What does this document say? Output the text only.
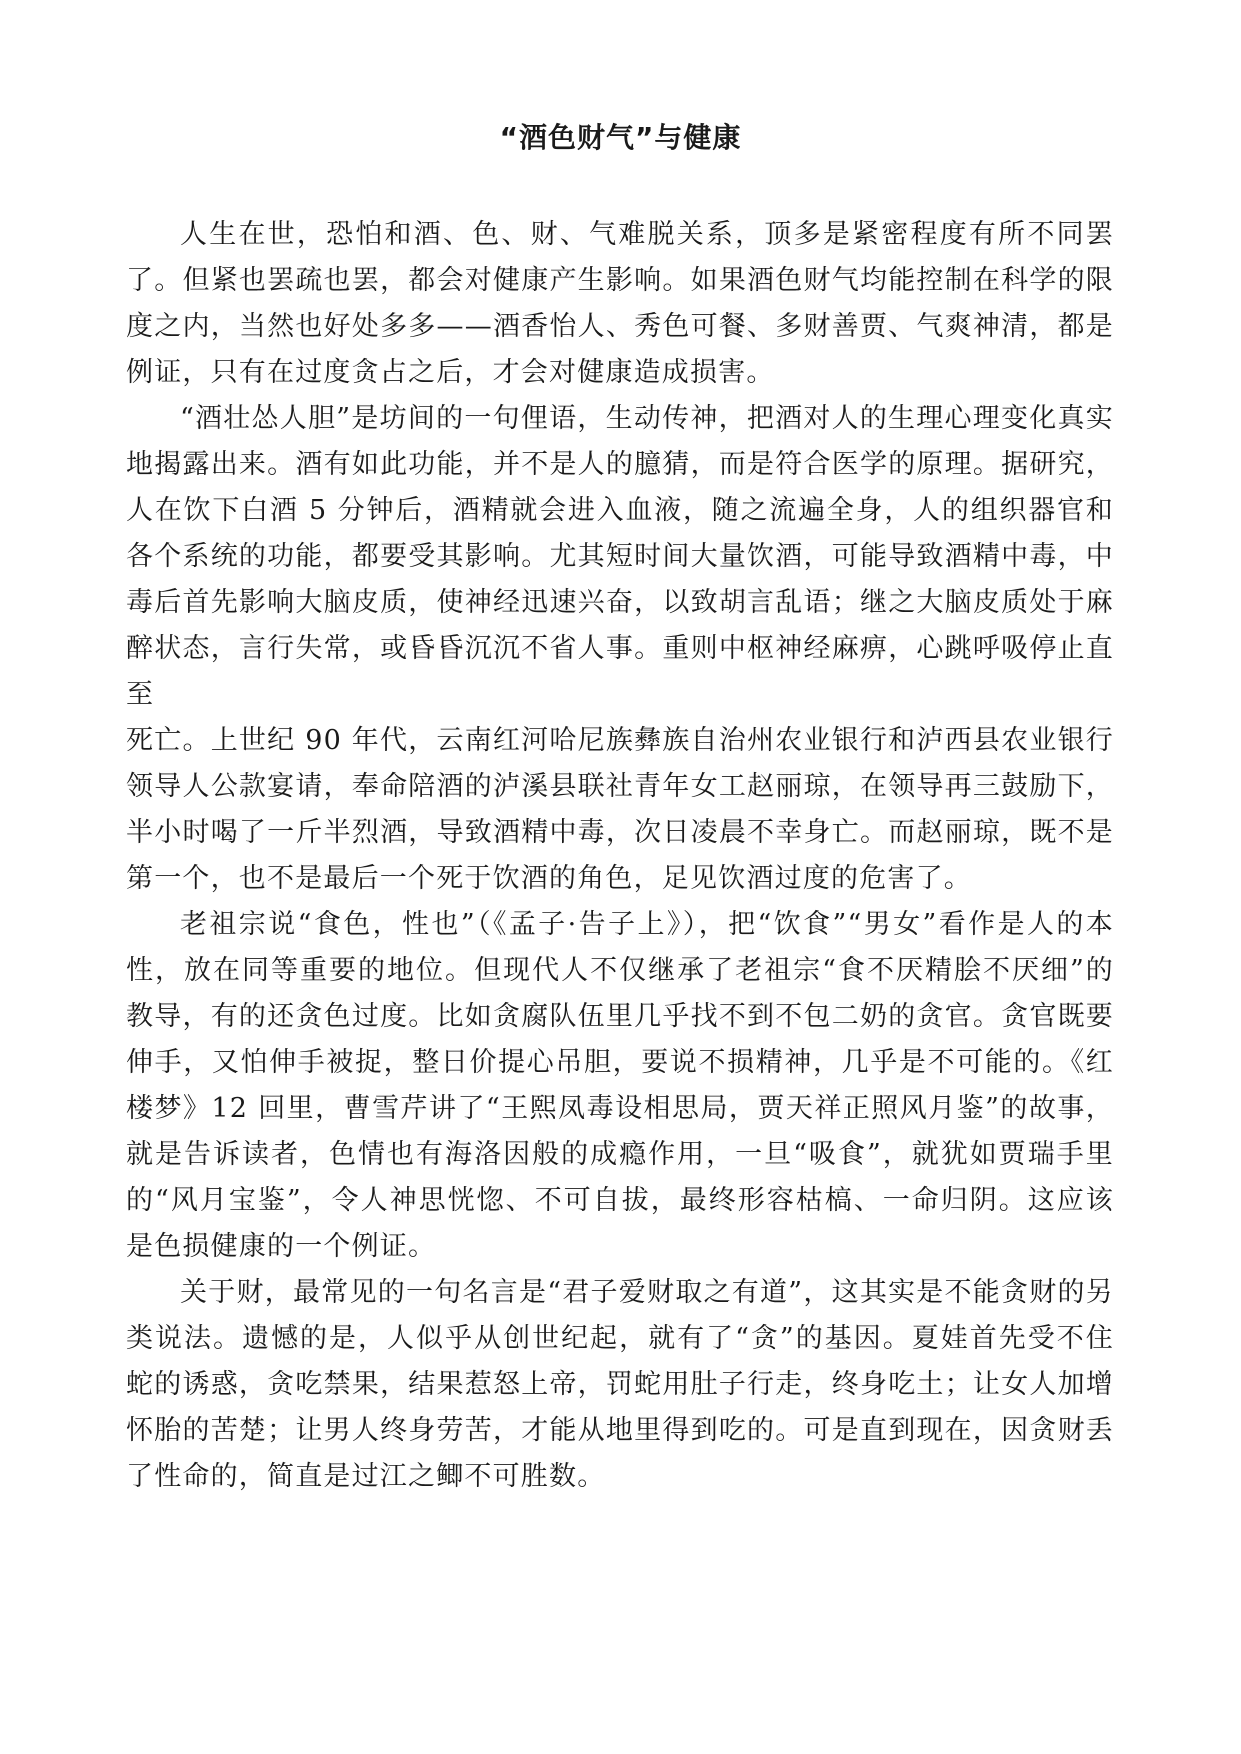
“酒色财气”与健康

人生在世，恐怕和酒、色、财、气难脱关系，顶多是紧密程度有所不同罢了。但紧也罢疏也罢，都会对健康产生影响。如果酒色财气均能控制在科学的限度之内，当然也好处多多——酒香怡人、秀色可餐、多财善贾、气爽神清，都是例证，只有在过度贪占之后，才会对健康造成损害。

“酒壮怂人胆”是坊间的一句俚语，生动传神，把酒对人的生理心理变化真实地揭露出来。酒有如此功能，并不是人的臆猜，而是符合医学的原理。据研究，人在饮下白酒 5 分钟后，酒精就会进入血液，随之流遍全身，人的组织器官和各个系统的功能，都要受其影响。尤其短时间大量饮酒，可能导致酒精中毒，中毒后首先影响大脑皮质，使神经迅速兴奋，以致胡言乱语；继之大脑皮质处于麻醉状态，言行失常，或昏昏沉沉不省人事。重则中枢神经麻痹，心跳呼吸停止直至

死亡。上世纪 90 年代，云南红河哈尼族彝族自治州农业银行和泸西县农业银行领导人公款宴请，奉命陪酒的泸溪县联社青年女工赵丽琼，在领导再三鼓励下，半小时喝了一斤半烈酒，导致酒精中毒，次日凌晨不幸身亡。而赵丽琼，既不是第一个，也不是最后一个死于饮酒的角色，足见饮酒过度的危害了。

老祖宗说“食色，性也”（《孟子·告子上》），把“饮食”“男女”看作是人的本性，放在同等重要的地位。但现代人不仅继承了老祖宗“食不厌精脍不厌细”的教导，有的还贪色过度。比如贪腐队伍里几乎找不到不包二奶的贪官。贪官既要伸手，又怕伸手被捉，整日价提心吊胆，要说不损精神，几乎是不可能的。《红楼梦》12 回里，曹雪芹讲了“王熙凤毒设相思局，贾天祥正照风月鉴”的故事，就是告诉读者，色情也有海洛因般的成瘾作用，一旦“吸食”，就犹如贾瑞手里的“风月宝鉴”，令人神思恍惚、不可自拔，最终形容枯槁、一命归阴。这应该是色损健康的一个例证。

关于财，最常见的一句名言是“君子爱财取之有道”，这其实是不能贪财的另类说法。遗憾的是，人似乎从创世纪起，就有了“贪”的基因。夏娃首先受不住蛇的诱惑，贪吃禁果，结果惹怒上帝，罚蛇用肚子行走，终身吃土；让女人加增怀胎的苦楚；让男人终身劳苦，才能从地里得到吃的。可是直到现在，因贪财丢了性命的，简直是过江之鲫不可胜数。
